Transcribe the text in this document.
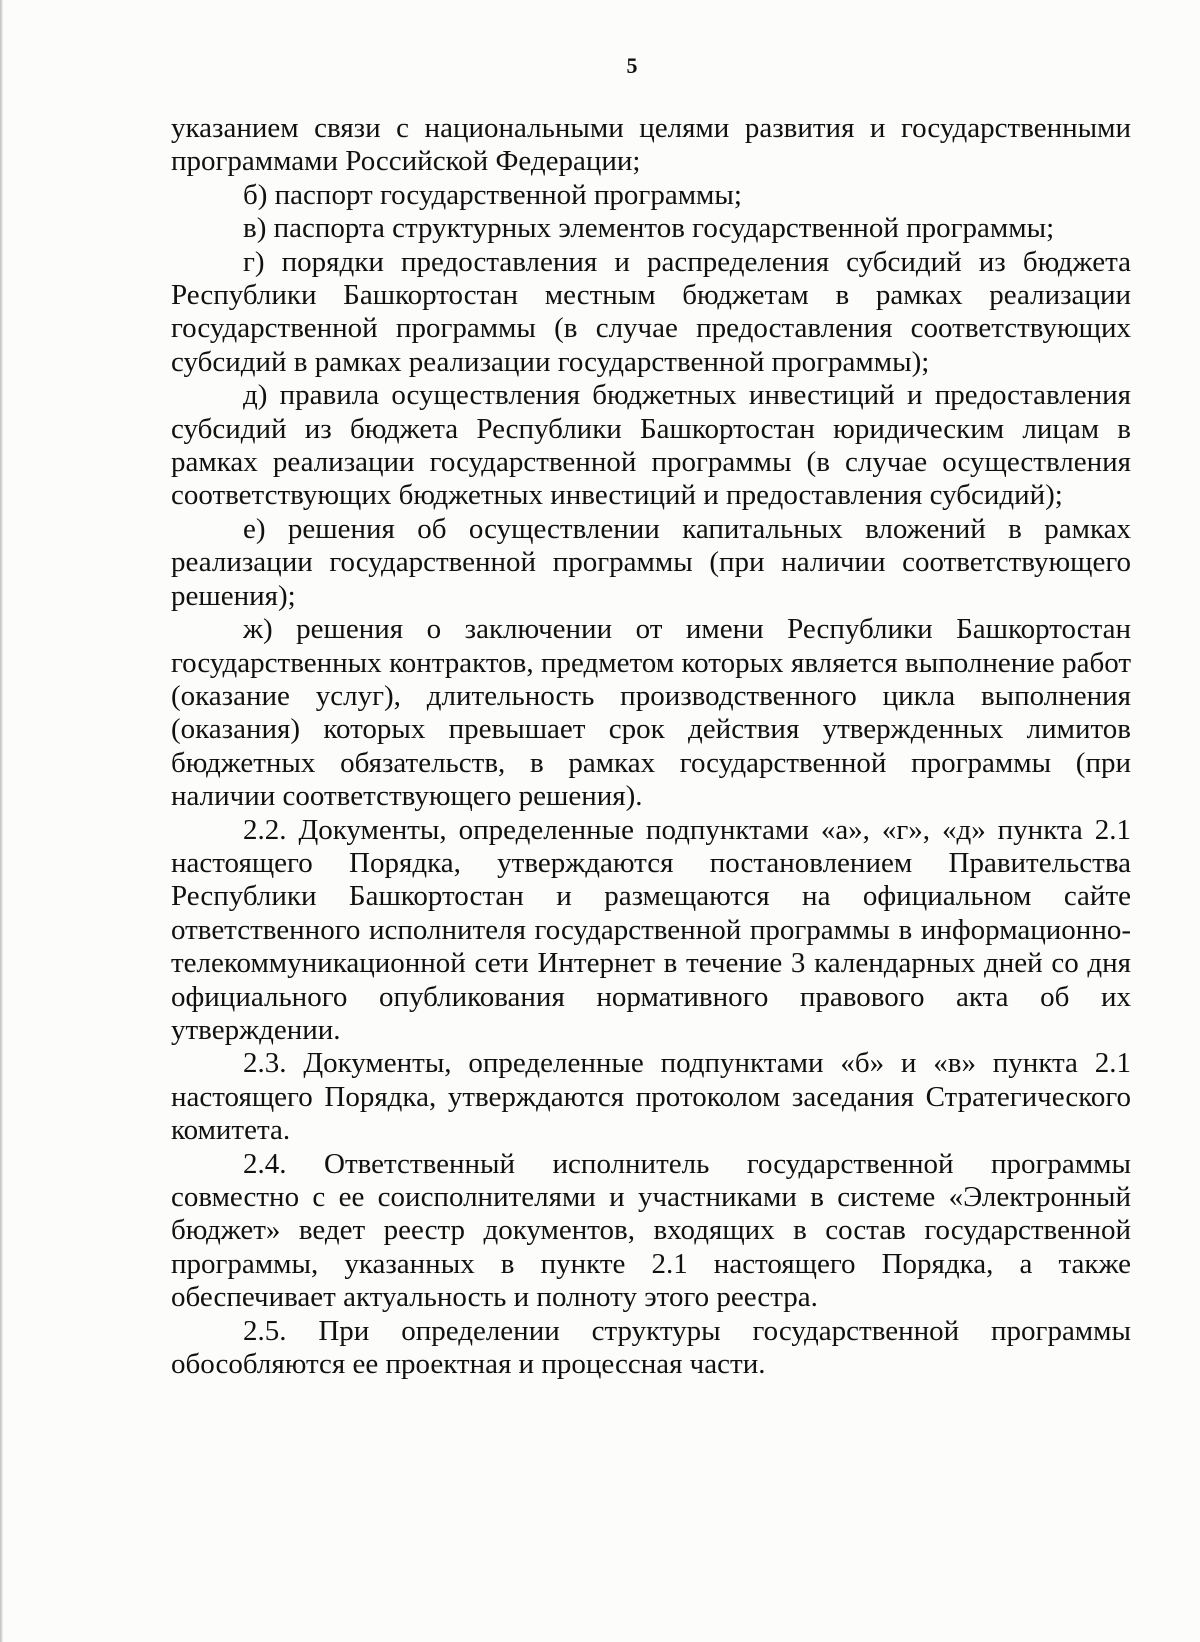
5

указанием связи с национальными целями развития и государственными программами Российской Федерации;

б) паспорт государственной программы;

в) паспорта структурных элементов государственной программы;

г) порядки предоставления и распределения субсидий из бюджета Республики Башкортостан местным бюджетам в рамках реализации государственной программы (в случае предоставления соответствующих субсидий в рамках реализации государственной программы);

д) правила осуществления бюджетных инвестиций и предоставления субсидий из бюджета Республики Башкортостан юридическим лицам в рамках реализации государственной программы (в случае осуществления соответствующих бюджетных инвестиций и предоставления субсидий);

е) решения об осуществлении капитальных вложений в рамках реализации государственной программы (при наличии соответствующего решения);

ж) решения о заключении от имени Республики Башкортостан государственных контрактов, предметом которых является выполнение работ (оказание услуг), длительность производственного цикла выполнения (оказания) которых превышает срок действия утвержденных лимитов бюджетных обязательств, в рамках государственной программы (при наличии соответствующего решения).

2.2. Документы, определенные подпунктами «а», «г», «д» пункта 2.1 настоящего Порядка, утверждаются постановлением Правительства Республики Башкортостан и размещаются на официальном сайте ответственного исполнителя государственной программы в информационно-телекоммуникационной сети Интернет в течение 3 календарных дней со дня официального опубликования нормативного правового акта об их утверждении.

2.3. Документы, определенные подпунктами «б» и «в» пункта 2.1 настоящего Порядка, утверждаются протоколом заседания Стратегического комитета.

2.4. Ответственный исполнитель государственной программы совместно с ее соисполнителями и участниками в системе «Электронный бюджет» ведет реестр документов, входящих в состав государственной программы, указанных в пункте 2.1 настоящего Порядка, а также обеспечивает актуальность и полноту этого реестра.

2.5. При определении структуры государственной программы обособляются ее проектная и процессная части.
